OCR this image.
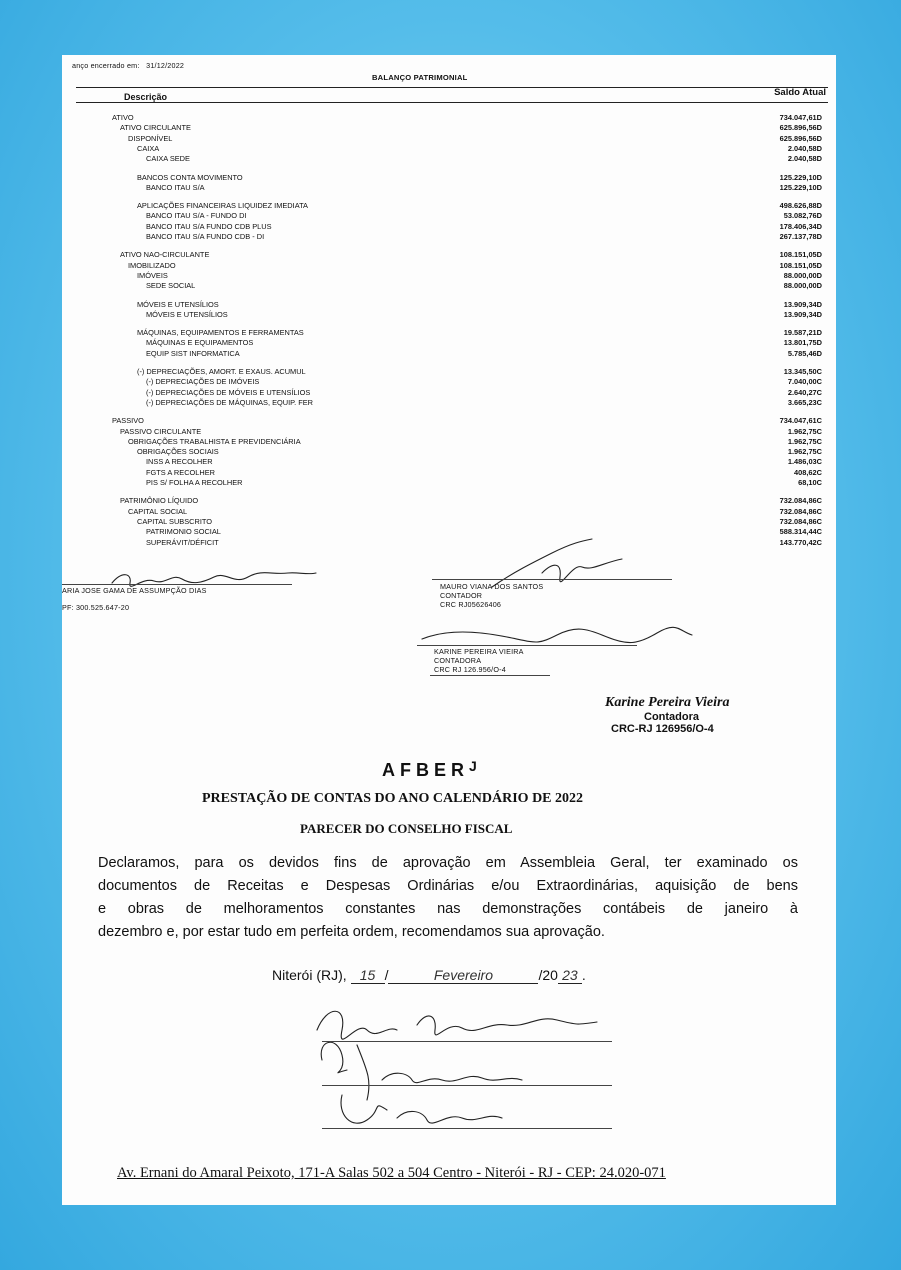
anço encerrado em: 31/12/2022
BALANÇO PATRIMONIAL
Descrição	Saldo Atual
ATIVO	734.047,61D
ATIVO CIRCULANTE	625.896,56D
DISPONÍVEL	625.896,56D
CAIXA	2.040,58D
CAIXA SEDE	2.040,58D
BANCOS CONTA MOVIMENTO	125.229,10D
BANCO ITAU S/A	125.229,10D
APLICAÇÕES FINANCEIRAS LIQUIDEZ IMEDIATA	498.626,88D
BANCO ITAU S/A - FUNDO DI	53.082,76D
BANCO ITAU S/A FUNDO CDB PLUS	178.406,34D
BANCO ITAU S/A FUNDO CDB - DI	267.137,78D
ATIVO NAO-CIRCULANTE	108.151,05D
IMOBILIZADO	108.151,05D
IMÓVEIS	88.000,00D
SEDE SOCIAL	88.000,00D
MÓVEIS E UTENSÍLIOS	13.909,34D
MÓVEIS E UTENSÍLIOS	13.909,34D
MÁQUINAS, EQUIPAMENTOS E FERRAMENTAS	19.587,21D
MÁQUINAS E EQUIPAMENTOS	13.801,75D
EQUIP SIST INFORMATICA	5.785,46D
(-) DEPRECIAÇÕES, AMORT. E EXAUS. ACUMUL	13.345,50C
(-) DEPRECIAÇÕES DE IMÓVEIS	7.040,00C
(-) DEPRECIAÇÕES DE MÓVEIS E UTENSÍLIOS	2.640,27C
(-) DEPRECIAÇÕES DE MÁQUINAS, EQUIP. FER	3.665,23C
PASSIVO	734.047,61C
PASSIVO CIRCULANTE	1.962,75C
OBRIGAÇÕES TRABALHISTA E PREVIDENCIÁRIA	1.962,75C
OBRIGAÇÕES SOCIAIS	1.962,75C
INSS A RECOLHER	1.486,03C
FGTS A RECOLHER	408,62C
PIS S/ FOLHA A RECOLHER	68,10C
PATRIMÔNIO LÍQUIDO	732.084,86C
CAPITAL SOCIAL	732.084,86C
CAPITAL SUBSCRITO	732.084,86C
PATRIMONIO SOCIAL	588.314,44C
SUPERÁVIT/DÉFICIT	143.770,42C
ARIA JOSE GAMA DE ASSUMPÇÃO DIAS
PF: 300.525.647-20
MAURO VIANA DOS SANTOS
CONTADOR
CRC RJ05626406
KARINE PEREIRA VIEIRA
CONTADORA
CRC RJ 126.956/O-4
Karine Pereira Vieira
Contadora
CRC-RJ 126956/O-4
$AFBER^J$
PRESTAÇÃO DE CONTAS DO ANO CALENDÁRIO DE 2022
PARECER DO CONSELHO FISCAL
Declaramos, para os devidos fins de aprovação em Assembleia Geral, ter examinado os
documentos de Receitas e Despesas Ordinárias e/ou Extraordinárias, aquisição de bens
e obras de melhoramentos constantes nas demonstrações contábeis de janeiro à
dezembro e, por estar tudo em perfeita ordem, recomendamos sua aprovação.
Niterói (RJ), 15 /	Fevereiro	/20 23 .
Av. Ernani do Amaral Peixoto, 171-A Salas 502 a 504 Centro - Niterói - RJ - CEP: 24.020-071
